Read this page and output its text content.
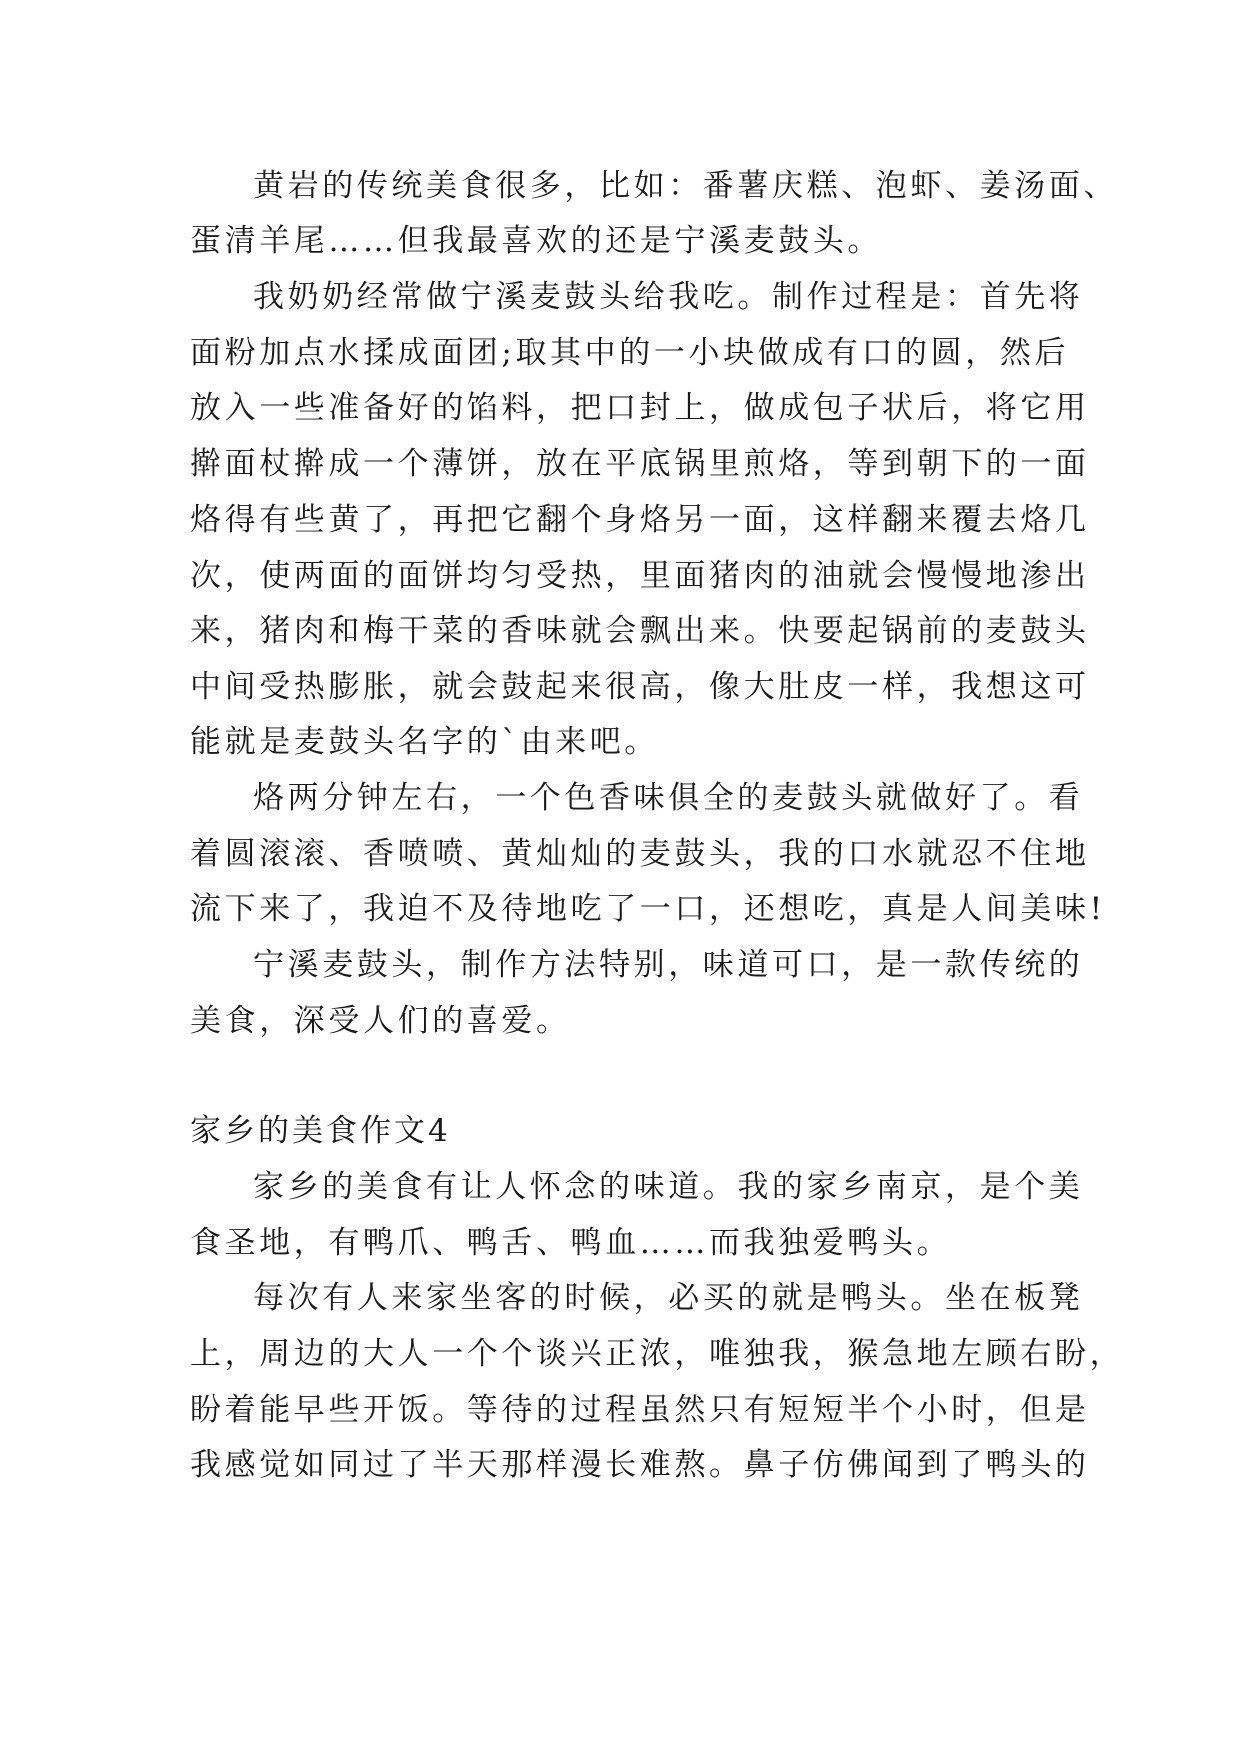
黄岩的传统美食很多，比如：番薯庆糕、泡虾、姜汤面、

蛋清羊尾……但我最喜欢的还是宁溪麦鼓头。

我奶奶经常做宁溪麦鼓头给我吃。制作过程是：首先将

面粉加点水揉成面团;取其中的一小块做成有口的圆，然后

放入一些准备好的馅料，把口封上，做成包子状后，将它用

擀面杖擀成一个薄饼，放在平底锅里煎烙，等到朝下的一面

烙得有些黄了，再把它翻个身烙另一面，这样翻来覆去烙几

次，使两面的面饼均匀受热，里面猪肉的油就会慢慢地渗出

来，猪肉和梅干菜的香味就会飘出来。快要起锅前的麦鼓头

中间受热膨胀，就会鼓起来很高，像大肚皮一样，我想这可

能就是麦鼓头名字的`由来吧。

烙两分钟左右，一个色香味俱全的麦鼓头就做好了。看

着圆滚滚、香喷喷、黄灿灿的麦鼓头，我的口水就忍不住地

流下来了，我迫不及待地吃了一口，还想吃，真是人间美味!

宁溪麦鼓头，制作方法特别，味道可口，是一款传统的

美食，深受人们的喜爱。

家乡的美食作文4

家乡的美食有让人怀念的味道。我的家乡南京，是个美

食圣地，有鸭爪、鸭舌、鸭血……而我独爱鸭头。

每次有人来家坐客的时候，必买的就是鸭头。坐在板凳

上，周边的大人一个个谈兴正浓，唯独我，猴急地左顾右盼，

盼着能早些开饭。等待的过程虽然只有短短半个小时，但是

我感觉如同过了半天那样漫长难熬。鼻子仿佛闻到了鸭头的
